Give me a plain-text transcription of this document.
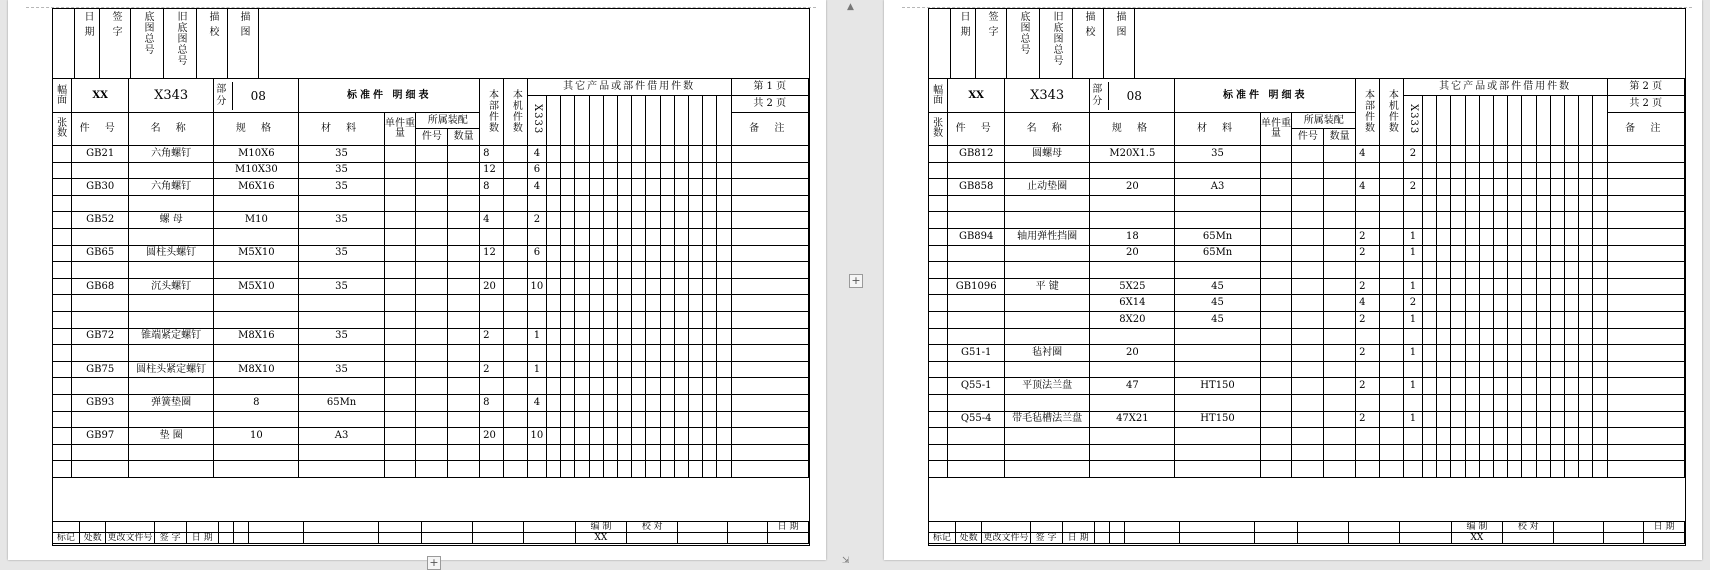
日 期	签 字	底图总号	旧底图总号	描 校	描 图	
幅面	XX	X343	部分 08	标准件 明细表				本部件数	本机件数	其它产品或部件借用件数														第 1 页
										X333														共 2 页
张数	件 号	名 称	规 格	材 料	单件重量	所属装配
件号 数量																		备 注
	GB21	六角螺钉	M10X6	35				8		4														
			M10X30	35				12		6														
	GB30	六角螺钉	M6X16	35				8		4														

	GB52	螺 母	M10	35				4		2														

	GB65	圆柱头螺钉	M5X10	35				12		6														

	GB68	沉头螺钉	M5X10	35				20		10														

	GB72	锥端紧定螺钉	M8X16	35				2		1														

	GB75	圆柱头紧定螺钉	M8X10	35				2		1														

	GB93	弹簧垫圈	8	65Mn				8		4														

	GB97	垫 圈	10	A3				20		10														

													编 制	校 对			日 期
标记	处数	更改文件号	签 字	日 期									XX				
日 期	签 字	底图总号	旧底图总号	描 校	描 图	
幅面	XX	X343	部分 08	标准件 明细表				本部件数	本机件数	其它产品或部件借用件数														第 2 页
										X333														共 2 页
张数	件 号	名 称	规 格	材 料	单件重量	所属装配
件号 数量																		备 注
	GB812	圆螺母	M20X1.5	35				4		2														

	GB858	止动垫圈	20	A3				4		2														

	GB894	轴用弹性挡圈	18	65Mn				2		1														
			20	65Mn				2		1														

	GB1096	平 键	5X25	45				2		1														
			6X14	45				4		2														
			8X20	45				2		1														

	G51-1	毡衬圈	20					2		1														

	Q55-1	平顶法兰盘	47	HT150				2		1														

	Q55-4	带毛毡槽法兰盘	47X21	HT150				2		1														

													编 制	校 对			日 期
标记	处数	更改文件号	签 字	日 期									XX				
+
+
▲
⇲
